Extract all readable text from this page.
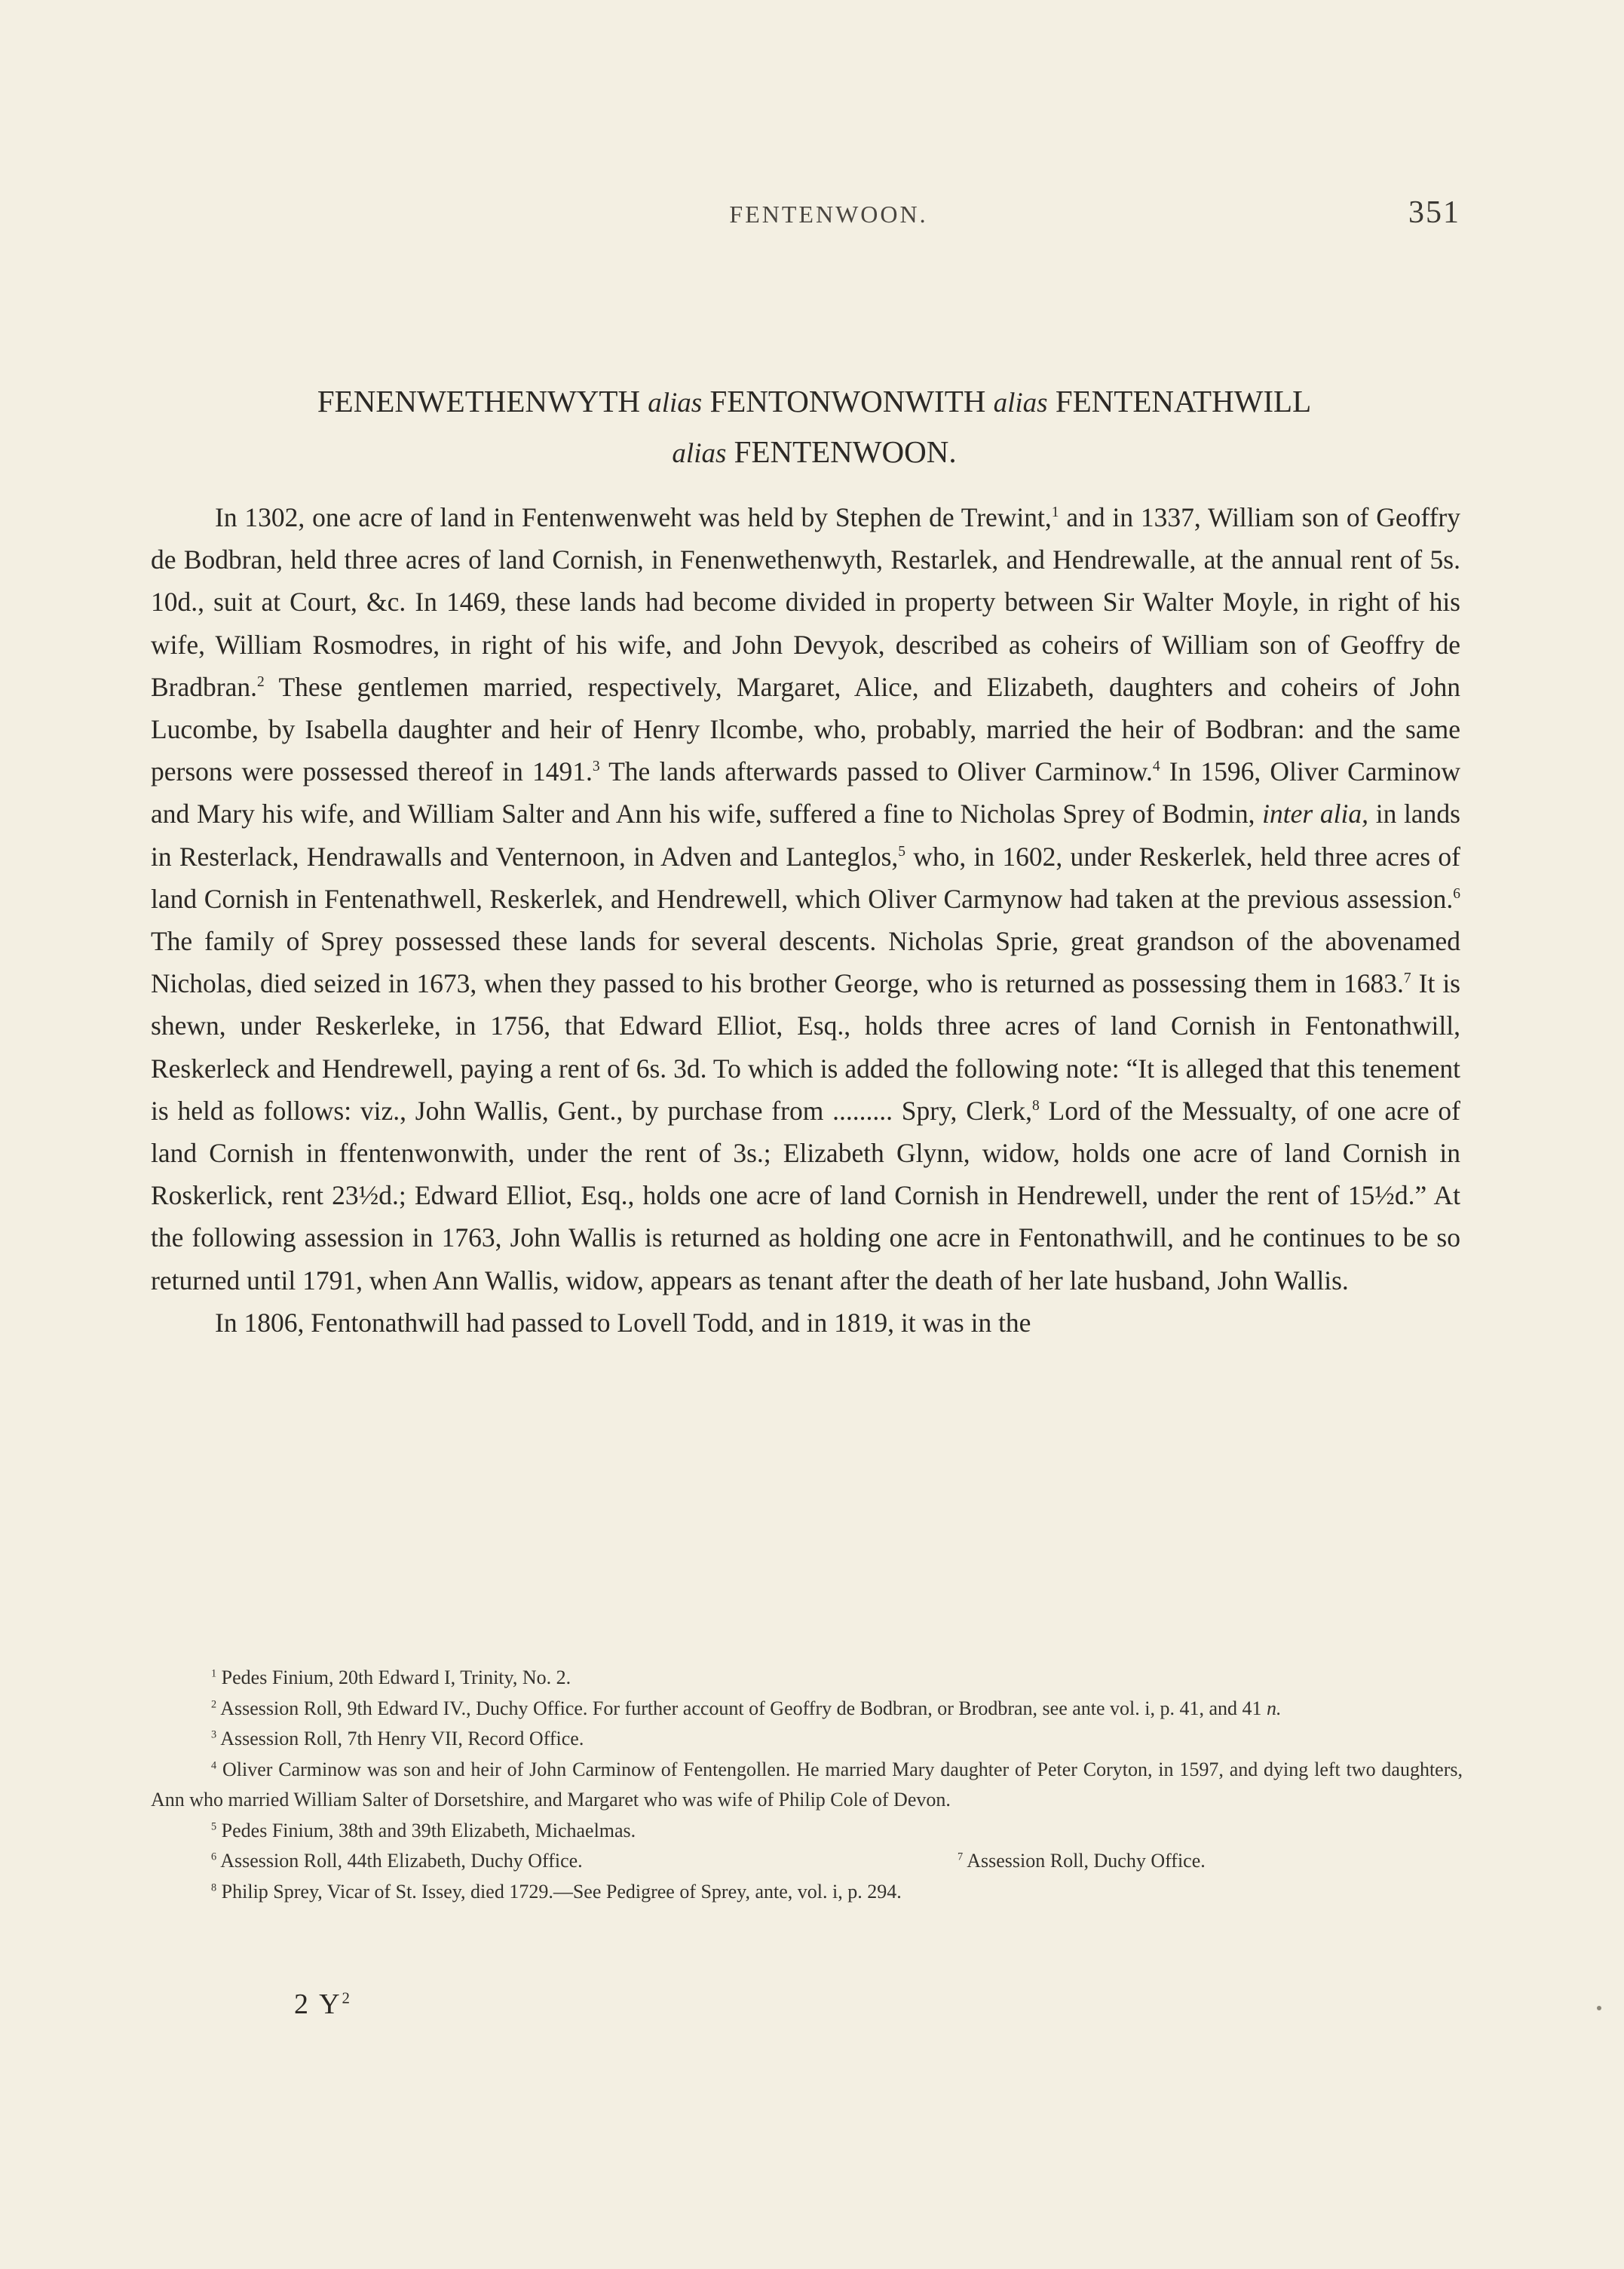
FENTENWOON.	351
FENENWETHENWYTH alias FENTONWONWITH alias FENTENATHWILL
alias FENTENWOON.

In 1302, one acre of land in Fentenwenweht was held by Stephen de Trewint,$^1$ and in 1337, William son of Geoffry de Bodbran, held three acres of land Cornish, in Fenenwethenwyth, Restarlek, and Hendrewalle, at the annual rent of 5s. 10d., suit at Court, &c. In 1469, these lands had become divided in property between Sir Walter Moyle, in right of his wife, William Rosmodres, in right of his wife, and John Devyok, described as coheirs of William son of Geoffry de Bradbran.$^2$ These gentlemen married, respectively, Margaret, Alice, and Elizabeth, daughters and coheirs of John Lucombe, by Isabella daughter and heir of Henry Ilcombe, who, probably, married the heir of Bodbran: and the same persons were possessed thereof in 1491.$^3$ The lands afterwards passed to Oliver Carminow.$^4$ In 1596, Oliver Carminow and Mary his wife, and William Salter and Ann his wife, suffered a fine to Nicholas Sprey of Bodmin, inter alia, in lands in Resterlack, Hendrawalls and Venternoon, in Adven and Lanteglos,$^5$ who, in 1602, under Reskerlek, held three acres of land Cornish in Fentenathwell, Reskerlek, and Hendrewell, which Oliver Carmynow had taken at the previous assession.$^6$ The family of Sprey possessed these lands for several descents. Nicholas Sprie, great grandson of the abovenamed Nicholas, died seized in 1673, when they passed to his brother George, who is returned as possessing them in 1683.$^7$ It is shewn, under Reskerleke, in 1756, that Edward Elliot, Esq., holds three acres of land Cornish in Fentonathwill, Reskerleck and Hendrewell, paying a rent of 6s. 3d. To which is added the following note: “It is alleged that this tenement is held as follows: viz., John Wallis, Gent., by purchase from ......... Spry, Clerk,$^8$ Lord of the Messualty, of one acre of land Cornish in ffentenwonwith, under the rent of 3s.; Elizabeth Glynn, widow, holds one acre of land Cornish in Roskerlick, rent 23½d.; Edward Elliot, Esq., holds one acre of land Cornish in Hendrewell, under the rent of 15½d.” At the following assession in 1763, John Wallis is returned as holding one acre in Fentonathwill, and he continues to be so returned until 1791, when Ann Wallis, widow, appears as tenant after the death of her late husband, John Wallis.

In 1806, Fentonathwill had passed to Lovell Todd, and in 1819, it was in the

$^1$ Pedes Finium, 20th Edward I, Trinity, No. 2.
$^2$ Assession Roll, 9th Edward IV., Duchy Office. For further account of Geoffry de Bodbran, or Brodbran, see ante vol. i, p. 41, and 41 n.
$^3$ Assession Roll, 7th Henry VII, Record Office.
$^4$ Oliver Carminow was son and heir of John Carminow of Fentengollen. He married Mary daughter of Peter Coryton, in 1597, and dying left two daughters, Ann who married William Salter of Dorsetshire, and Margaret who was wife of Philip Cole of Devon.
$^5$ Pedes Finium, 38th and 39th Elizabeth, Michaelmas.
$^6$ Assession Roll, 44th Elizabeth, Duchy Office.	$^7$ Assession Roll, Duchy Office.
$^8$ Philip Sprey, Vicar of St. Issey, died 1729.—See Pedigree of Sprey, ante, vol. i, p. 294.
2 $Y^2$
